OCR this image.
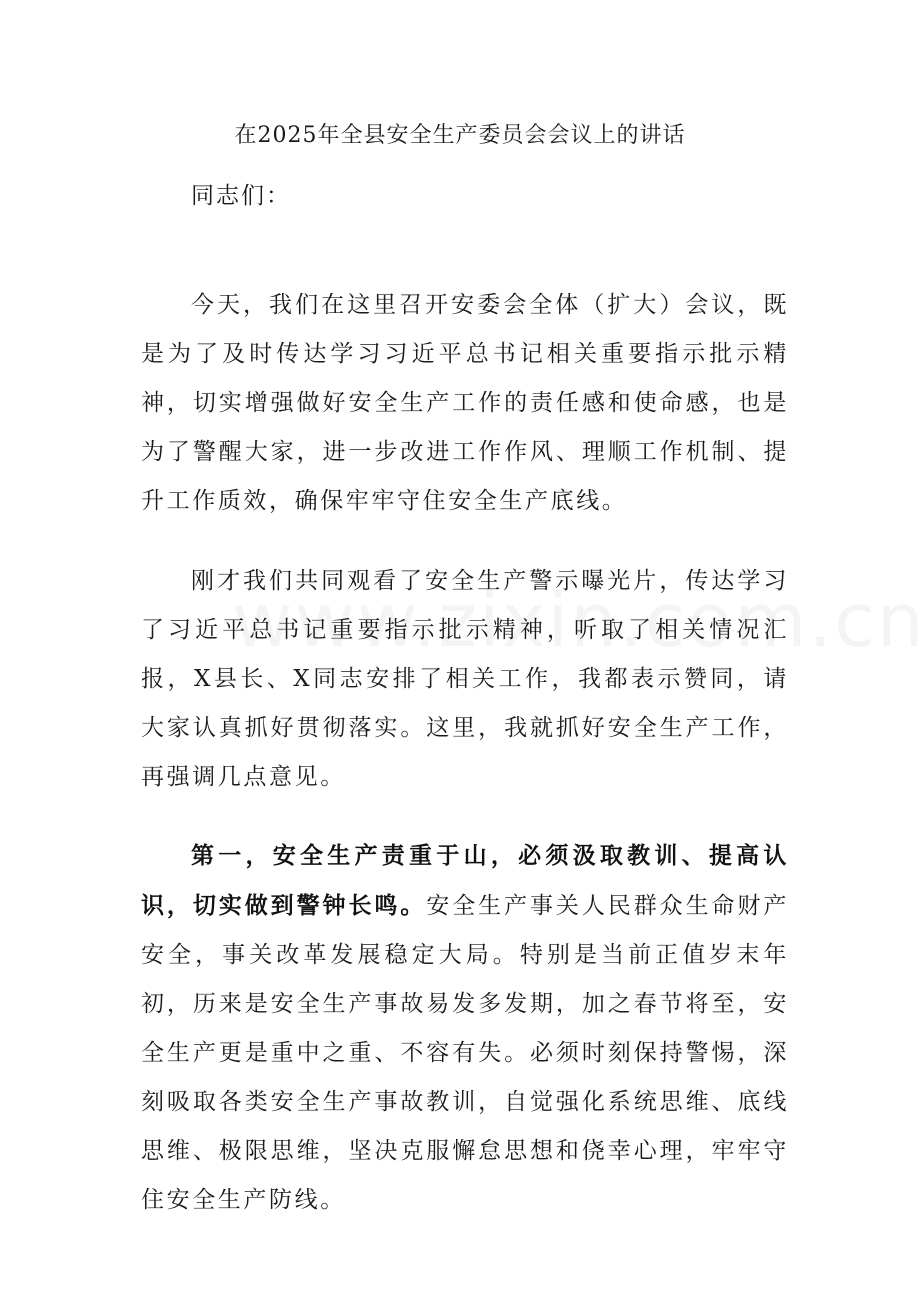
在2025年全县安全生产委员会会议上的讲话
同志们：

今天，我们在这里召开安委会全体（扩大）会议，既是为了及时传达学习习近平总书记相关重要指示批示精神，切实增强做好安全生产工作的责任感和使命感，也是为了警醒大家，进一步改进工作作风、理顺工作机制、提升工作质效，确保牢牢守住安全生产底线。

刚才我们共同观看了安全生产警示曝光片，传达学习了习近平总书记重要指示批示精神，听取了相关情况汇报，X县长、X同志安排了相关工作，我都表示赞同，请大家认真抓好贯彻落实。这里，我就抓好安全生产工作，再强调几点意见。

第一，安全生产责重于山，必须汲取教训、提高认识，切实做到警钟长鸣。安全生产事关人民群众生命财产安全，事关改革发展稳定大局。特别是当前正值岁末年初，历来是安全生产事故易发多发期，加之春节将至，安全生产更是重中之重、不容有失。必须时刻保持警惕，深刻吸取各类安全生产事故教训，自觉强化系统思维、底线思维、极限思维，坚决克服懈怠思想和侥幸心理，牢牢守住安全生产防线。
